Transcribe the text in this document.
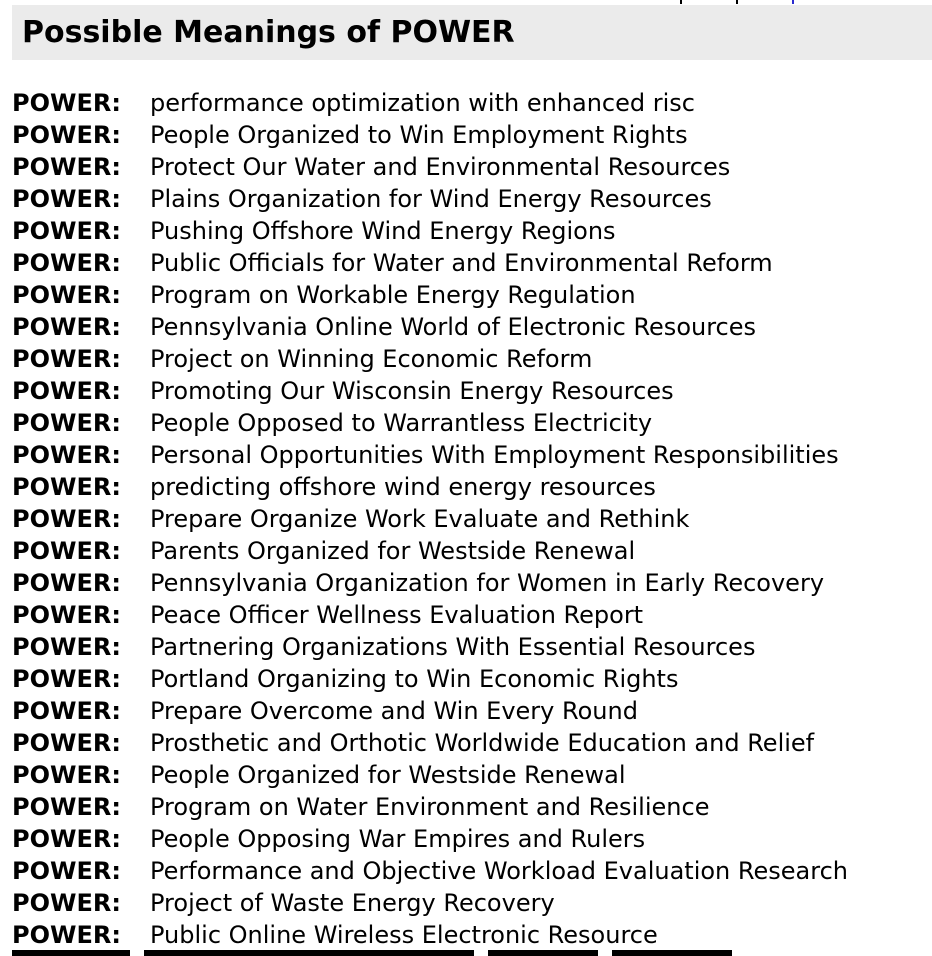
Possible Meanings of POWER
POWER: performance optimization with enhanced risc
POWER: People Organized to Win Employment Rights
POWER: Protect Our Water and Environmental Resources
POWER: Plains Organization for Wind Energy Resources
POWER: Pushing Offshore Wind Energy Regions
POWER: Public Officials for Water and Environmental Reform
POWER: Program on Workable Energy Regulation
POWER: Pennsylvania Online World of Electronic Resources
POWER: Project on Winning Economic Reform
POWER: Promoting Our Wisconsin Energy Resources
POWER: People Opposed to Warrantless Electricity
POWER: Personal Opportunities With Employment Responsibilities
POWER: predicting offshore wind energy resources
POWER: Prepare Organize Work Evaluate and Rethink
POWER: Parents Organized for Westside Renewal
POWER: Pennsylvania Organization for Women in Early Recovery
POWER: Peace Officer Wellness Evaluation Report
POWER: Partnering Organizations With Essential Resources
POWER: Portland Organizing to Win Economic Rights
POWER: Prepare Overcome and Win Every Round
POWER: Prosthetic and Orthotic Worldwide Education and Relief
POWER: People Organized for Westside Renewal
POWER: Program on Water Environment and Resilience
POWER: People Opposing War Empires and Rulers
POWER: Performance and Objective Workload Evaluation Research
POWER: Project of Waste Energy Recovery
POWER: Public Online Wireless Electronic Resource
